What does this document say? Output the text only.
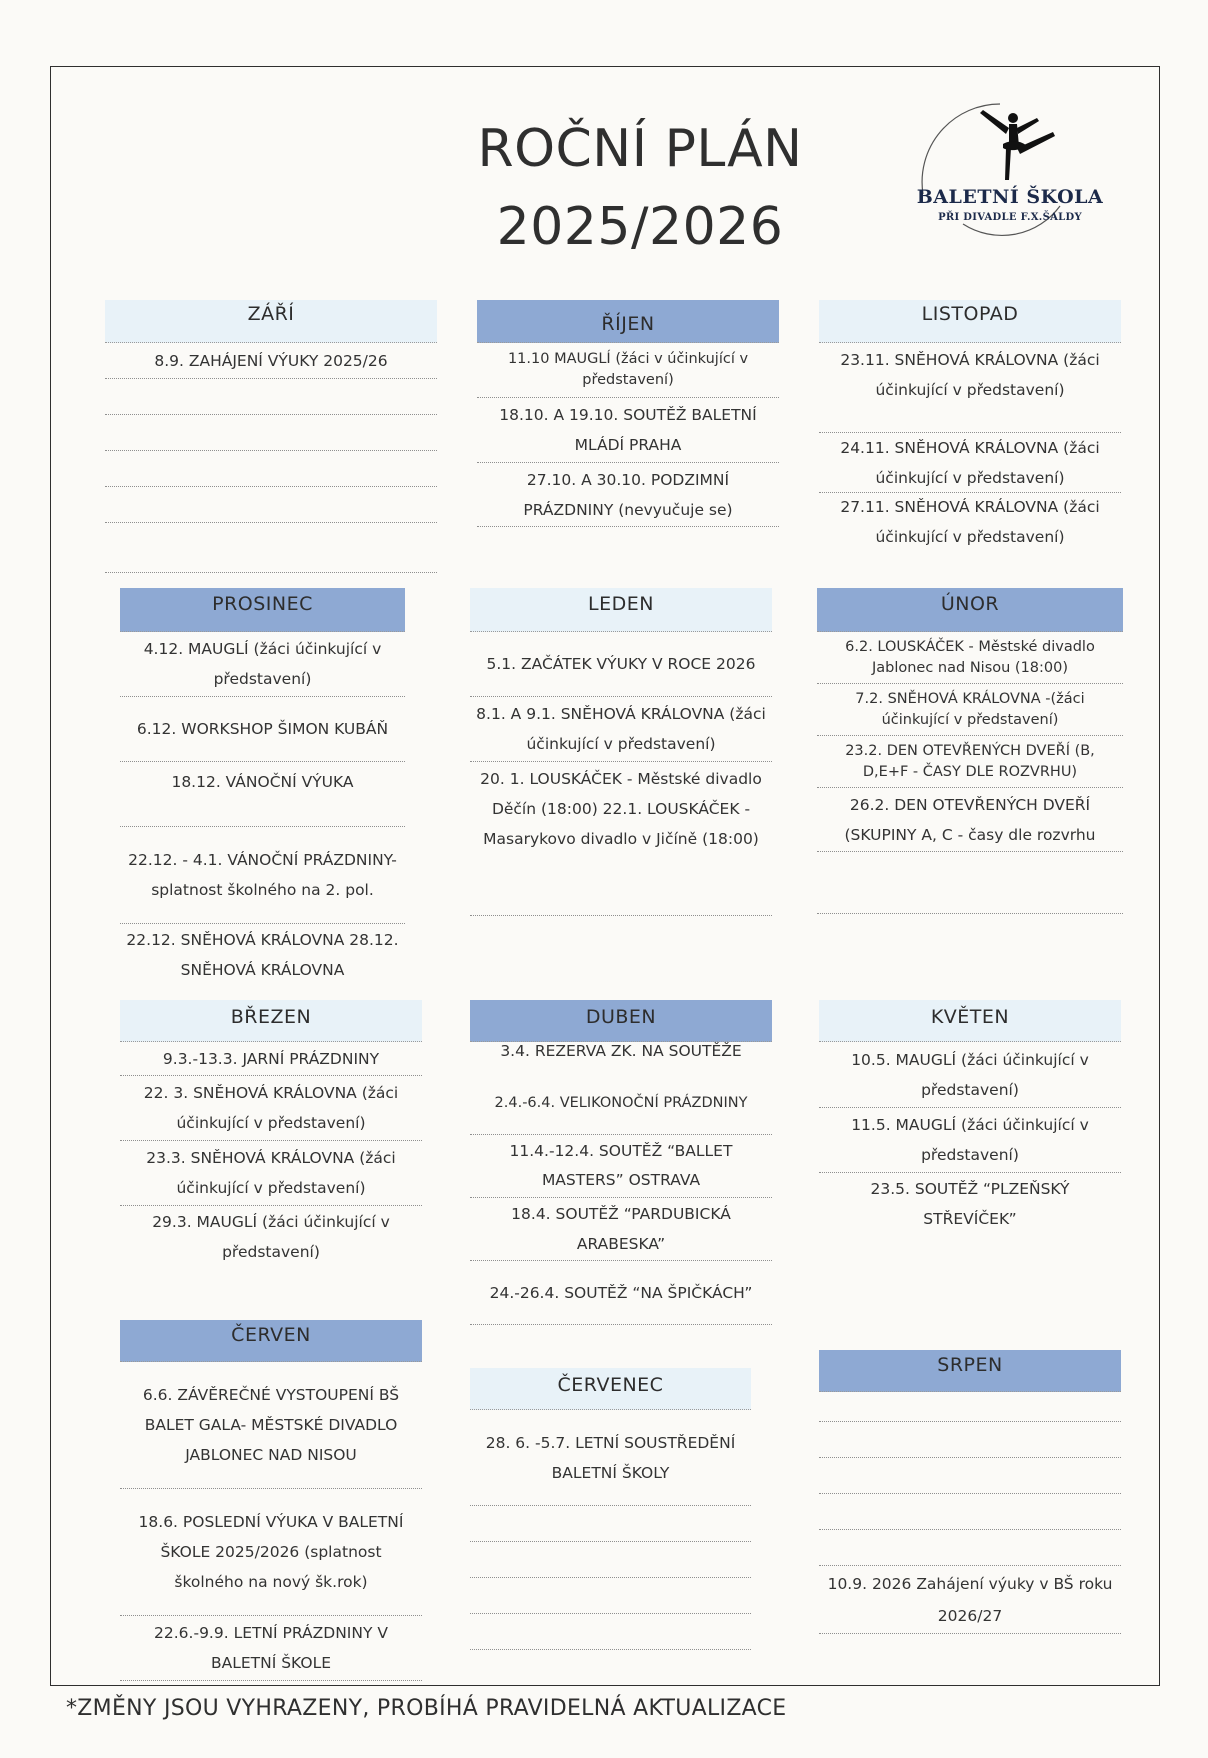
ROČNÍ PLÁN
2025/2026	BALETNÍ ŠKOLA
PŘI DIVADLE F.X.ŠALDY
ZÁŘÍ
8.9. ZAHÁJENÍ VÝUKY 2025/26
ŘÍJEN
11.10 MAUGLÍ (žáci v účinkující v představení)
18.10. A 19.10. SOUTĚŽ BALETNÍ MLÁDÍ PRAHA
27.10. A 30.10. PODZIMNÍ PRÁZDNINY (nevyučuje se)
LISTOPAD
23.11. SNĚHOVÁ KRÁLOVNA (žáci účinkující v představení)
24.11. SNĚHOVÁ KRÁLOVNA (žáci účinkující v představení)
27.11. SNĚHOVÁ KRÁLOVNA (žáci účinkující v představení)
PROSINEC
4.12. MAUGLÍ (žáci účinkující v představení)
6.12. WORKSHOP ŠIMON KUBÁŇ
18.12. VÁNOČNÍ VÝUKA
22.12. - 4.1. VÁNOČNÍ PRÁZDNINY- splatnost školného na 2. pol.
22.12. SNĚHOVÁ KRÁLOVNA 28.12. SNĚHOVÁ KRÁLOVNA
LEDEN
5.1. ZAČÁTEK VÝUKY V ROCE 2026
8.1. A 9.1. SNĚHOVÁ KRÁLOVNA (žáci účinkující v představení)
20. 1. LOUSKÁČEK - Městské divadlo Děčín (18:00) 22.1. LOUSKÁČEK - Masarykovo divadlo v Jičíně (18:00)
ÚNOR
6.2. LOUSKÁČEK - Městské divadlo Jablonec nad Nisou (18:00)
7.2. SNĚHOVÁ KRÁLOVNA -(žáci účinkující v představení)
23.2. DEN OTEVŘENÝCH DVEŘÍ (B, D,E+F - ČASY DLE ROZVRHU)
26.2. DEN OTEVŘENÝCH DVEŘÍ (SKUPINY A, C - časy dle rozvrhu
BŘEZEN
9.3.-13.3. JARNÍ PRÁZDNINY
22. 3. SNĚHOVÁ KRÁLOVNA (žáci účinkující v představení)
23.3. SNĚHOVÁ KRÁLOVNA (žáci účinkující v představení)
29.3. MAUGLÍ (žáci účinkující v představení)
DUBEN
3.4. REZERVA ZK. NA SOUTĚŽE
2.4.-6.4. VELIKONOČNÍ PRÁZDNINY
11.4.-12.4. SOUTĚŽ “BALLET MASTERS” OSTRAVA
18.4. SOUTĚŽ “PARDUBICKÁ ARABESKA”
24.-26.4. SOUTĚŽ “NA ŠPIČKÁCH”
KVĚTEN
10.5. MAUGLÍ (žáci účinkující v představení)
11.5. MAUGLÍ (žáci účinkující v představení)
23.5. SOUTĚŽ “PLZEŇSKÝ STŘEVÍČEK”
ČERVEN
6.6. ZÁVĚREČNÉ VYSTOUPENÍ BŠ BALET GALA- MĚSTSKÉ DIVADLO JABLONEC NAD NISOU
18.6. POSLEDNÍ VÝUKA V BALETNÍ ŠKOLE 2025/2026 (splatnost školného na nový šk.rok)
22.6.-9.9. LETNÍ PRÁZDNINY V BALETNÍ ŠKOLE
ČERVENEC
28. 6. -5.7. LETNÍ SOUSTŘEDĚNÍ BALETNÍ ŠKOLY
SRPEN
10.9. 2026 Zahájení výuky v BŠ roku 2026/27
*ZMĚNY JSOU VYHRAZENY, PROBÍHÁ PRAVIDELNÁ AKTUALIZACE
